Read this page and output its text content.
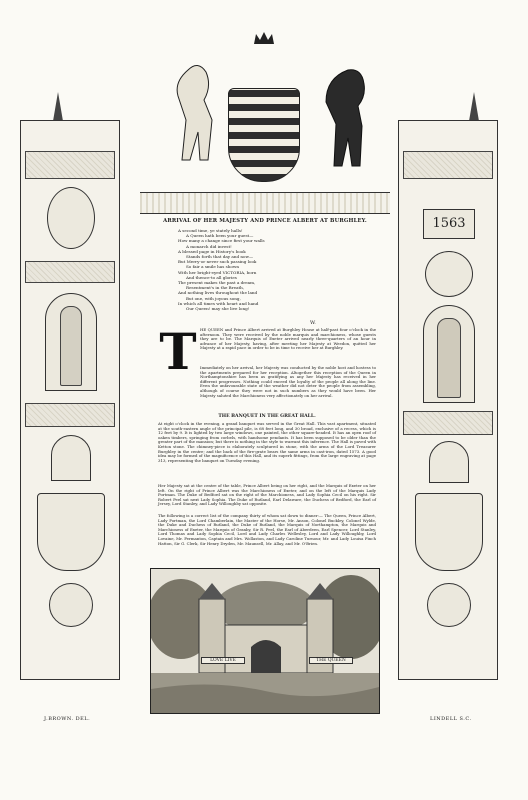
1563
ARRIVAL OF HER MAJESTY AND PRINCE ALBERT AT BURGHLEY.
A second time, ye stately halls!
A Queen hath been your guest—
How many a change since first your walls
A monarch did invest!
A blessed page in History's book
Stands forth that day and now—
But Merry-or never such passing look
So fair a smile has shown
With her bright-eyed VICTORIA, born
And thence-to all glories
The present makes the past a dream,
Resentment's in the Breath,
And nothing lives throughout the land
But one, with joyous song,
In which all times with heart and hand
Our Queen! may she live long!
W.
T HE QUEEN and Prince Albert arrived at Burghley House at half-past four o'clock in the afternoon. They were received by the noble marquis and marchioness, whose guests they are to be. The Marquis of Exeter arrived nearly three-quarters of an hour in advance of her Majesty, having, after meeting her Majesty at Weedon, quitted her Majesty at a rapid pace in order to be in time to receive her at Burghley.
Immediately on her arrival, her Majesty was conducted by the noble host and hostess to the apartments prepared for her reception. Altogether this reception of the Queen in Northamptonshire has been as gratifying as any her Majesty has received in her different progresses. Nothing could exceed the loyalty of the people all along the line. Even the unfavourable state of the weather did not deter the people from assembling, although of course they were not in such numbers as they would have been. Her Majesty saluted the Marchioness very affectionately on her arrival.
THE BANQUET IN THE GREAT HALL.
At eight o'clock in the evening, a grand banquet was served in the Great Hall. This vast apartment, situated at the south-eastern angle of the principal pile, is 68 feet long, and 30 broad, exclusive of a recess, which is 12 feet by 9. It is lighted by two large windows, one painted, the other square-headed. It has an open roof of oaken timbers, springing from corbels, with handsome pendants. It has been supposed to be older than the greater part of the mansion; but there is nothing in the style to warrant this inference. The Hall is paved with Ketton stone. The chimney-piece is elaborately sculptured in stone, with the arms of the Lord Treasurer Burghley in the centre; and the back of the fire-grate bears the same arms in cast-iron, dated 1573. A good idea may be formed of the magnificence of this Hall, and its superb fittings, from the large engraving at page 313, representing the banquet on Tuesday evening.
Her Majesty sat at the centre of the table, Prince Albert being on her right, and the Marquis of Exeter on her left. On the right of Prince Albert was the Marchioness of Exeter, and on the left of the Marquis Lady Portman. The Duke of Bedford sat on the right of the Marchioness, and Lady Sophia Cecil on his right. Sir Robert Peel sat next Lady Sophia. The Duke of Rutland, Earl Delaware, the Duchess of Bedford, the Earl of Jersey, Lord Stanley, and Lady Willoughby sat opposite.
The following is a correct list of the company thirty of whom sat down to dinner:— The Queen, Prince Albert, Lady Portman, the Lord Chamberlain, the Master of the Horse, Mr. Anson, Colonel Buckley, Colonel Wylde, the Duke and Duchess of Rutland, the Duke of Rutland, the Marquis of Northampton, the Marquis and Marchioness of Exeter, the Marquis of Granby, Sir R. Peel, the Earl of Aberdeen, Earl Spencer, Lord Stanley, Lord Thomas and Lady Sophia Cecil, Lord and Lady Charles Wellesley, Lord and Lady Willoughby, Lord Lovaine, Mr. Fermanton, Captain and Mrs. Wollaston, and Lady Caroline Turnour, Mr. and Lady Louisa Finch Hatton, Sir G. Clerk, Sir Henry Dryden, Mr. Maunsell, Mr. Allay, and Mr. O'Brien.
LOVE LIVE	THE QUEEN
J.BROWN. DEL.	LINDELL S.C.
